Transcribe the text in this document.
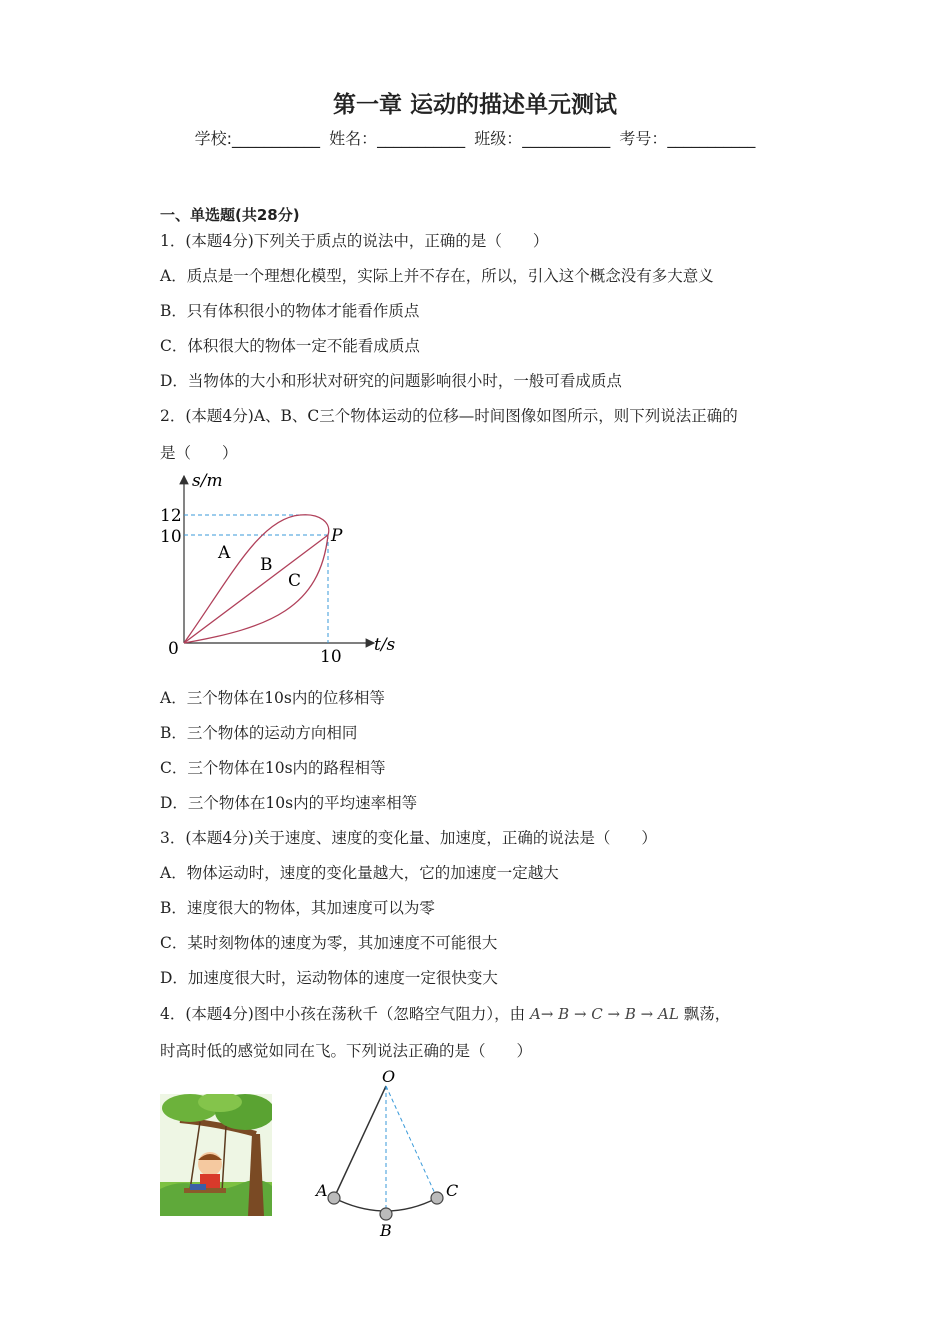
第一章 运动的描述单元测试
学校:___________ 姓名：___________ 班级：___________ 考号：___________
一、单选题(共28分)
1．(本题4分)下列关于质点的说法中，正确的是（　　）
A．质点是一个理想化模型，实际上并不存在，所以，引入这个概念没有多大意义
B．只有体积很小的物体才能看作质点
C．体积很大的物体一定不能看成质点
D．当物体的大小和形状对研究的问题影响很小时，一般可看成质点
2．(本题4分)A、B、C三个物体运动的位移—时间图像如图所示，则下列说法正确的
是（　　）
s/m
t/s
0
12
10
10
A
B
C
P
A．三个物体在10s内的位移相等
B．三个物体的运动方向相同
C．三个物体在10s内的路程相等
D．三个物体在10s内的平均速率相等
3．(本题4分)关于速度、速度的变化量、加速度，正确的说法是（　　）
A．物体运动时，速度的变化量越大，它的加速度一定越大
B．速度很大的物体，其加速度可以为零
C．某时刻物体的速度为零，其加速度不可能很大
D．加速度很大时，运动物体的速度一定很快变大
4．(本题4分)图中小孩在荡秋千（忽略空气阻力），由 A→ B → C → B → AL 飘荡，
时高时低的感觉如同在飞。下列说法正确的是（　　）
O
A
B
C
